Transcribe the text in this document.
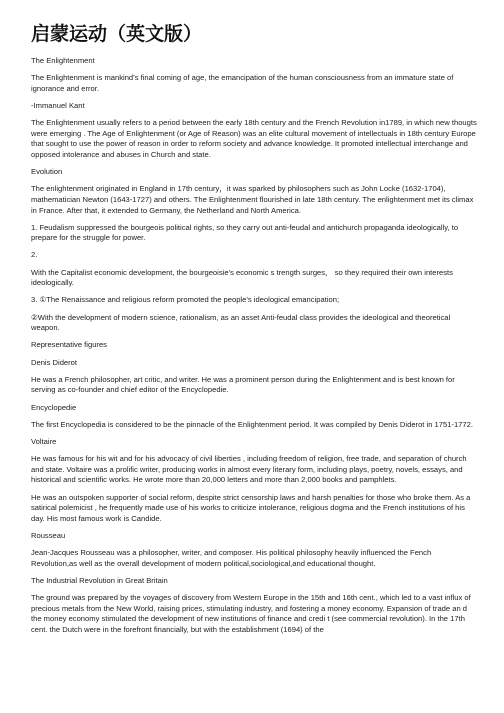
启蒙运动（英文版）

The Enlightenment

The Enlightenment is mankind’s final coming of age, the emancipation of the human consciousness from an immature state of ignorance and error.

-Immanuel Kant

The Enlightenment usually refers to a period between the early 18th century and the French Revolution in1789, in which new thougts were emerging . The Age of Enlightenment (or Age of Reason) was an elite cultural movement of intellectuals in 18th century Europe that sought to use the power of reason in order to reform society and advance knowledge. It promoted intellectual interchange and opposed intolerance and abuses in Church and state.

Evolution

The enlightenment originated in England in 17th century，it was sparked by philosophers such as John Locke (1632-1704), mathematician Newton (1643-1727) and others. The Enlightenment flourished in late 18th century. The enlightenment met its climax in France. After that, it extended to Germany, the Netherland and North America.

1. Feudalism suppressed the bourgeois political rights, so they carry out anti-feudal and antichurch propaganda ideologically, to prepare for the struggle for power.

2.

With the Capitalist economic development, the bourgeoisie’s economic s trength surges， so they required their own interests ideologically.

3. ①The Renaissance and religious reform promoted the people’s ideological emancipation;

②With the development of modern science, rationalism, as an asset Anti-feudal class provides the ideological and theoretical weapon.

Representative figures

Denis Diderot

He was a French philosopher, art critic, and writer. He was a prominent person during the Enlightenment and is best known for serving as co-founder and chief editor of the Encyclopedie.

Encyclopedie

The first Encyclopedia is considered to be the pinnacle of the Enlightenment period. It was compiled by Denis Diderot in 1751-1772.

Voltaire

He was famous for his wit and for his advocacy of civil liberties , including freedom of religion, free trade, and separation of church and state. Voltaire was a prolific writer, producing works in almost every literary form, including plays, poetry, novels, essays, and historical and scientific works. He wrote more than 20,000 letters and more than 2,000 books and pamphlets.

He was an outspoken supporter of social reform, despite strict censorship laws and harsh penalties for those who broke them. As a satirical polemicist , he frequently made use of his works to criticize intolerance, religious dogma and the French institutions of his day. His most famous work is Candide.

Rousseau

Jean-Jacques Rousseau was a philosopher, writer, and composer. His political philosophy heavily influenced the Fench Revolution,as well as the overall development of modern political,sociological,and educational thought.

The Industrial Revolution in Great Britain

The ground was prepared by the voyages of discovery from Western Europe in the 15th and 16th cent., which led to a vast influx of precious metals from the New World, raising prices, stimulating industry, and fostering a money economy. Expansion of trade an d the money economy stimulated the development of new institutions of finance and credi t (see commercial revolution). In the 17th cent. the Dutch were in the forefront financially, but with the establishment (1694) of the
